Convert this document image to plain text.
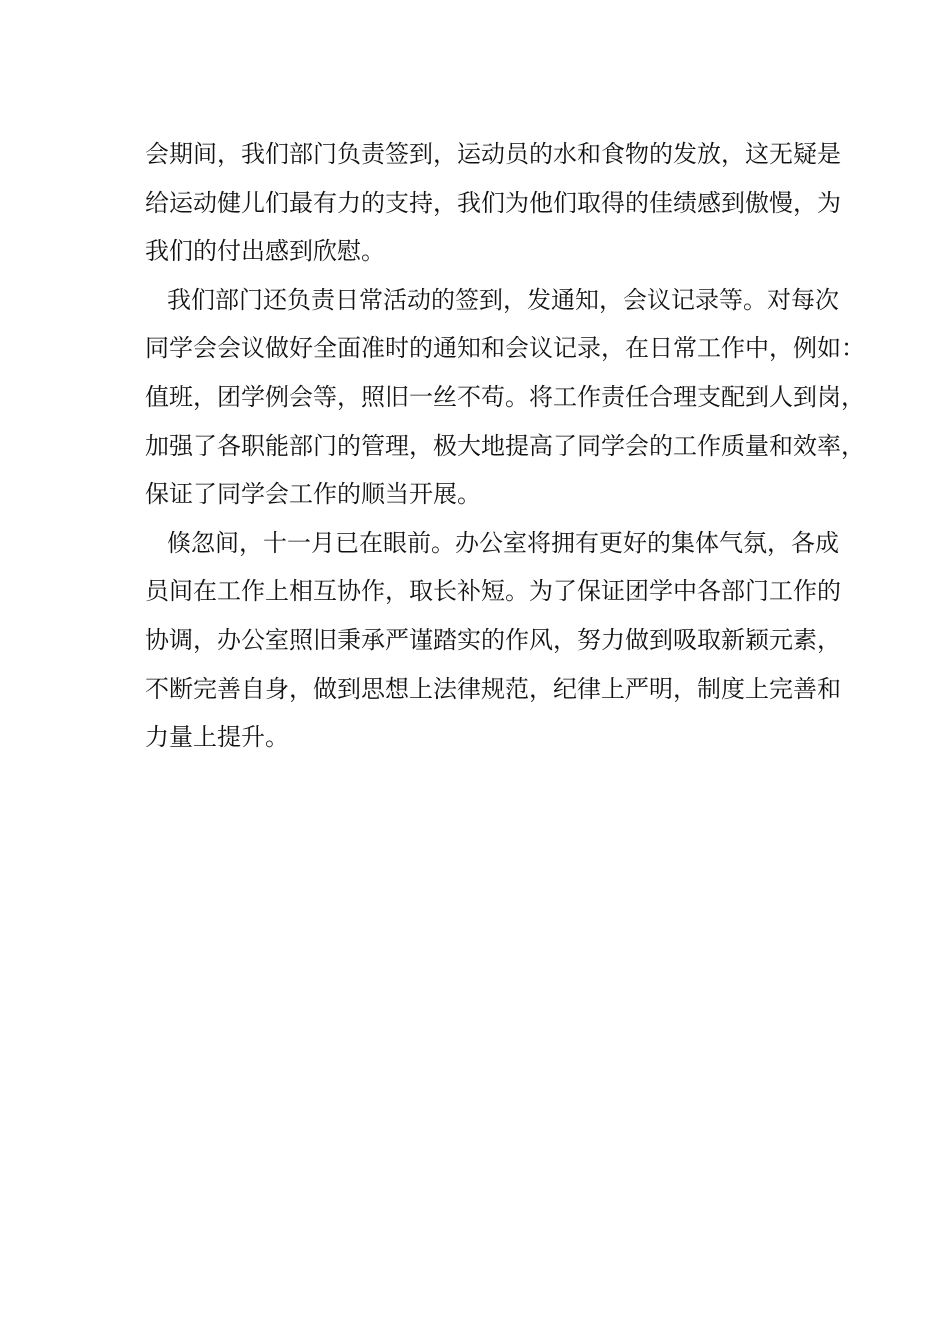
会期间，我们部门负责签到，运动员的水和食物的发放，这无疑是
给运动健儿们最有力的支持，我们为他们取得的佳绩感到傲慢，为
我们的付出感到欣慰。
我们部门还负责日常活动的签到，发通知，会议记录等。对每次
同学会会议做好全面准时的通知和会议记录，在日常工作中，例如：
值班，团学例会等，照旧一丝不苟。将工作责任合理支配到人到岗，
加强了各职能部门的管理，极大地提高了同学会的工作质量和效率，
保证了同学会工作的顺当开展。
倏忽间，十一月已在眼前。办公室将拥有更好的集体气氛，各成
员间在工作上相互协作，取长补短。为了保证团学中各部门工作的
协调，办公室照旧秉承严谨踏实的作风，努力做到吸取新颖元素，
不断完善自身，做到思想上法律规范，纪律上严明，制度上完善和
力量上提升。
